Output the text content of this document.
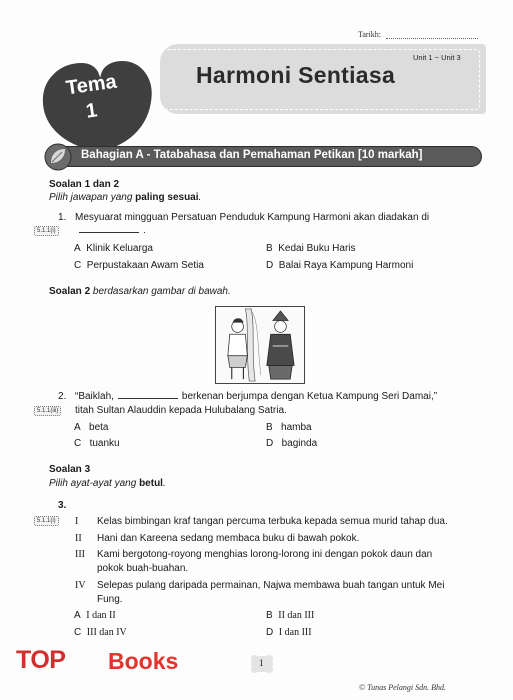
Tarikh:
Unit 1 ~ Unit 3
Harmoni Sentiasa
Tema
1
Bahagian A - Tatabahasa dan Pemahaman Petikan [10 markah]
Soalan 1 dan 2
Pilih jawapan yang paling sesuai.
1. Mesyuarat mingguan Persatuan Penduduk Kampung Harmoni akan diadakan di
5.1.1(i)	.
A Klinik Keluarga	B Kedai Buku Haris
C Perpustakaan Awam Setia	D Balai Raya Kampung Harmoni
Soalan 2 berdasarkan gambar di bawah.
2. “Baiklah,	berkenan berjumpa dengan Ketua Kampung Seri Damai,”
5.1.1(iii)	titah Sultan Alauddin kepada Hulubalang Satria.
A beta	B hamba
C tuanku	D baginda
Soalan 3
Pilih ayat-ayat yang betul.
3.
5.1.1(i)	I Kelas bimbingan kraf tangan percuma terbuka kepada semua murid tahap dua.
II Hani dan Kareena sedang membaca buku di bawah pokok.
III Kami bergotong-royong menghias lorong-lorong ini dengan pokok daun dan
pokok buah-buahan.
IV Selepas pulang daripada permainan, Najwa membawa buah tangan untuk Mei
Fung.
A I dan II	B II dan III
C III dan IV	D I dan III
1
© Tunas Pelangi Sdn. Bhd.
TOP Books
